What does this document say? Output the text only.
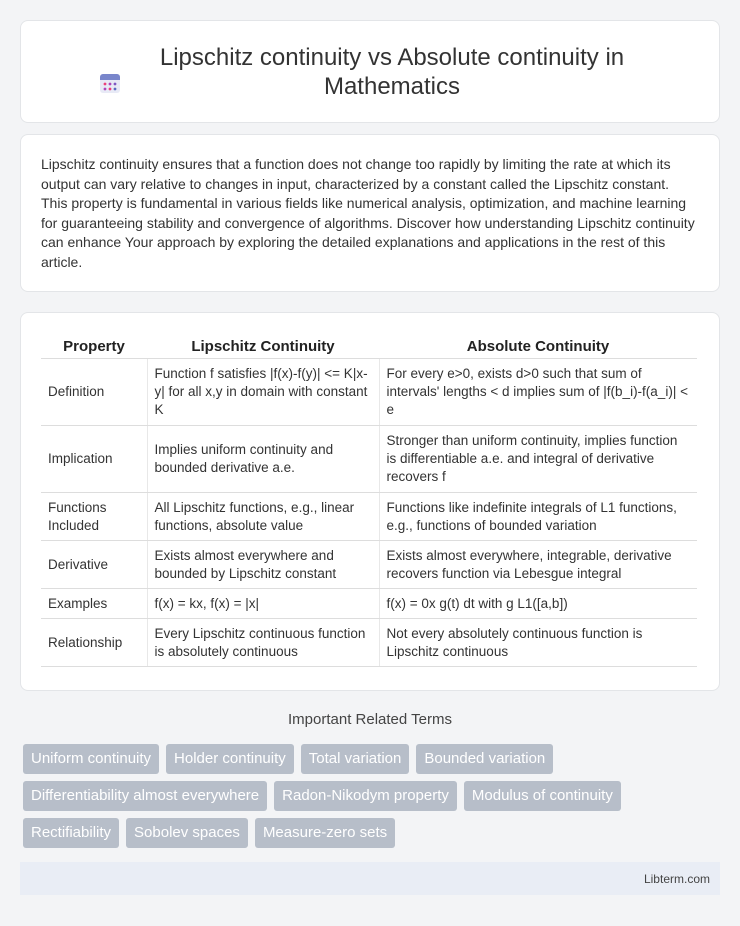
Lipschitz continuity vs Absolute continuity in Mathematics

Lipschitz continuity ensures that a function does not change too rapidly by limiting the rate at which its output can vary relative to changes in input, characterized by a constant called the Lipschitz constant. This property is fundamental in various fields like numerical analysis, optimization, and machine learning for guaranteeing stability and convergence of algorithms. Discover how understanding Lipschitz continuity can enhance Your approach by exploring the detailed explanations and applications in the rest of this article.

Property	Lipschitz Continuity	Absolute Continuity
Definition	Function f satisfies |f(x)-f(y)| <= K|x-y| for all x,y in domain with constant K	For every e>0, exists d>0 such that sum of intervals' lengths < d implies sum of |f(b_i)-f(a_i)| < e
Implication	Implies uniform continuity and bounded derivative a.e.	Stronger than uniform continuity, implies function is differentiable a.e. and integral of derivative recovers f
Functions Included	All Lipschitz functions, e.g., linear functions, absolute value	Functions like indefinite integrals of L1 functions, e.g., functions of bounded variation
Derivative	Exists almost everywhere and bounded by Lipschitz constant	Exists almost everywhere, integrable, derivative recovers function via Lebesgue integral
Examples	f(x) = kx, f(x) = |x|	f(x) = 0x g(t) dt with g L1([a,b])
Relationship	Every Lipschitz continuous function is absolutely continuous	Not every absolutely continuous function is Lipschitz continuous
Important Related Terms
Uniform continuity	Holder continuity	Total variation	Bounded variation
Differentiability almost everywhere	Radon-Nikodym property	Modulus of continuity
Rectifiability	Sobolev spaces	Measure-zero sets
Libterm.com
